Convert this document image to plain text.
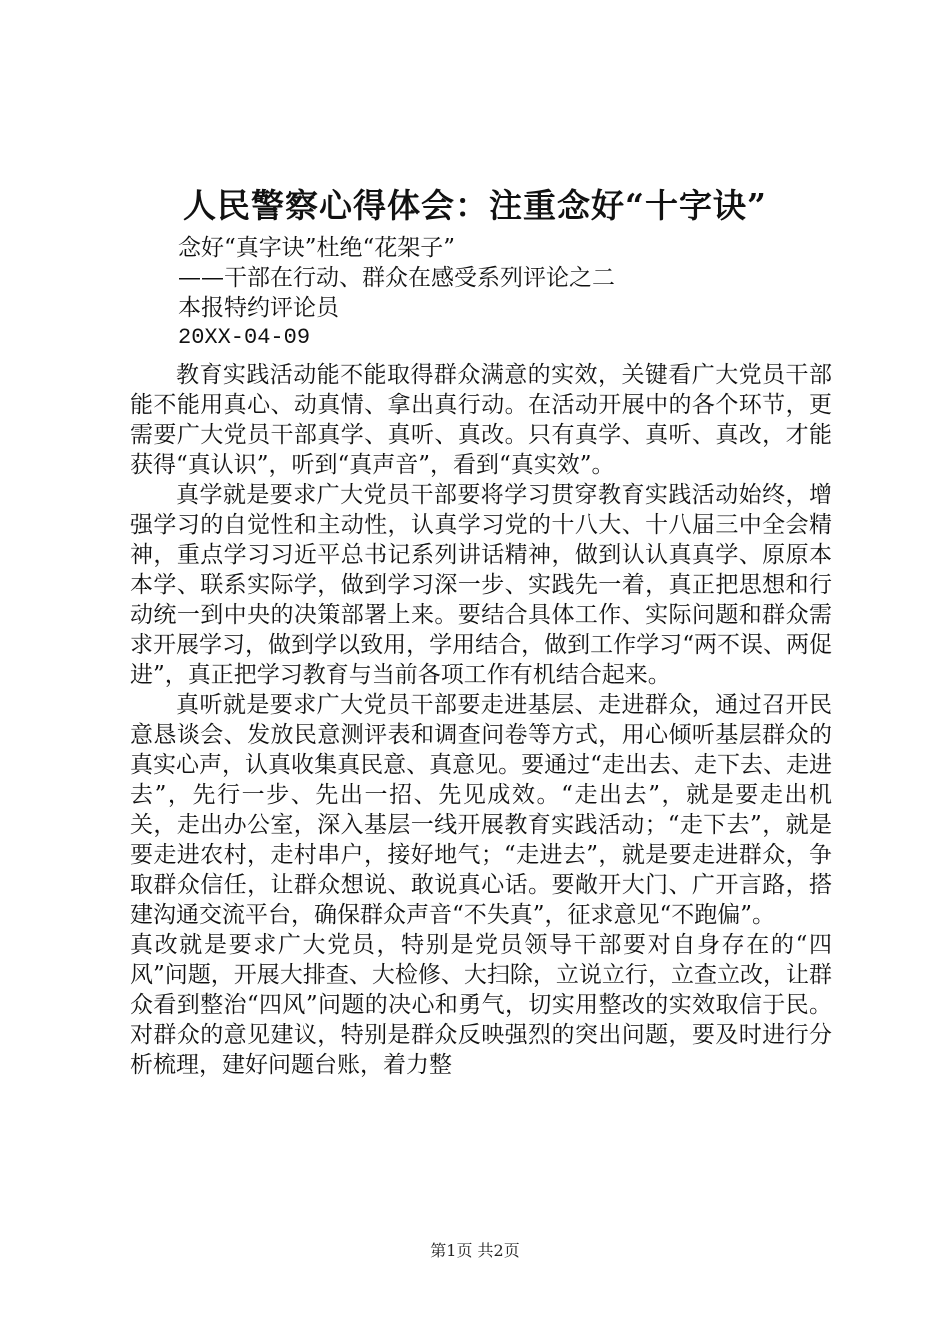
人民警察心得体会：注重念好“十字诀”
念好“真字诀”杜绝“花架子”
——干部在行动、群众在感受系列评论之二
本报特约评论员
20XX-04-09

教育实践活动能不能取得群众满意的实效，关键看广大党员干部能不能用真心、动真情、拿出真行动。在活动开展中的各个环节，更需要广大党员干部真学、真听、真改。只有真学、真听、真改，才能获得“真认识”，听到“真声音”，看到“真实效”。

真学就是要求广大党员干部要将学习贯穿教育实践活动始终，增强学习的自觉性和主动性，认真学习党的十八大、十八届三中全会精神，重点学习习近平总书记系列讲话精神，做到认认真真学、原原本本学、联系实际学，做到学习深一步、实践先一着，真正把思想和行动统一到中央的决策部署上来。要结合具体工作、实际问题和群众需求开展学习，做到学以致用，学用结合，做到工作学习“两不误、两促进”，真正把学习教育与当前各项工作有机结合起来。

真听就是要求广大党员干部要走进基层、走进群众，通过召开民意恳谈会、发放民意测评表和调查问卷等方式，用心倾听基层群众的真实心声，认真收集真民意、真意见。要通过“走出去、走下去、走进去”，先行一步、先出一招、先见成效。“走出去”，就是要走出机关，走出办公室，深入基层一线开展教育实践活动；“走下去”，就是要走进农村，走村串户，接好地气；“走进去”，就是要走进群众，争取群众信任，让群众想说、敢说真心话。要敞开大门、广开言路，搭建沟通交流平台，确保群众声音“不失真”，征求意见“不跑偏”。

真改就是要求广大党员，特别是党员领导干部要对自身存在的“四风”问题，开展大排查、大检修、大扫除，立说立行，立查立改，让群众看到整治“四风”问题的决心和勇气，切实用整改的实效取信于民。对群众的意见建议，特别是群众反映强烈的突出问题，要及时进行分析梳理，建好问题台账，着力整

第1页 共2页
